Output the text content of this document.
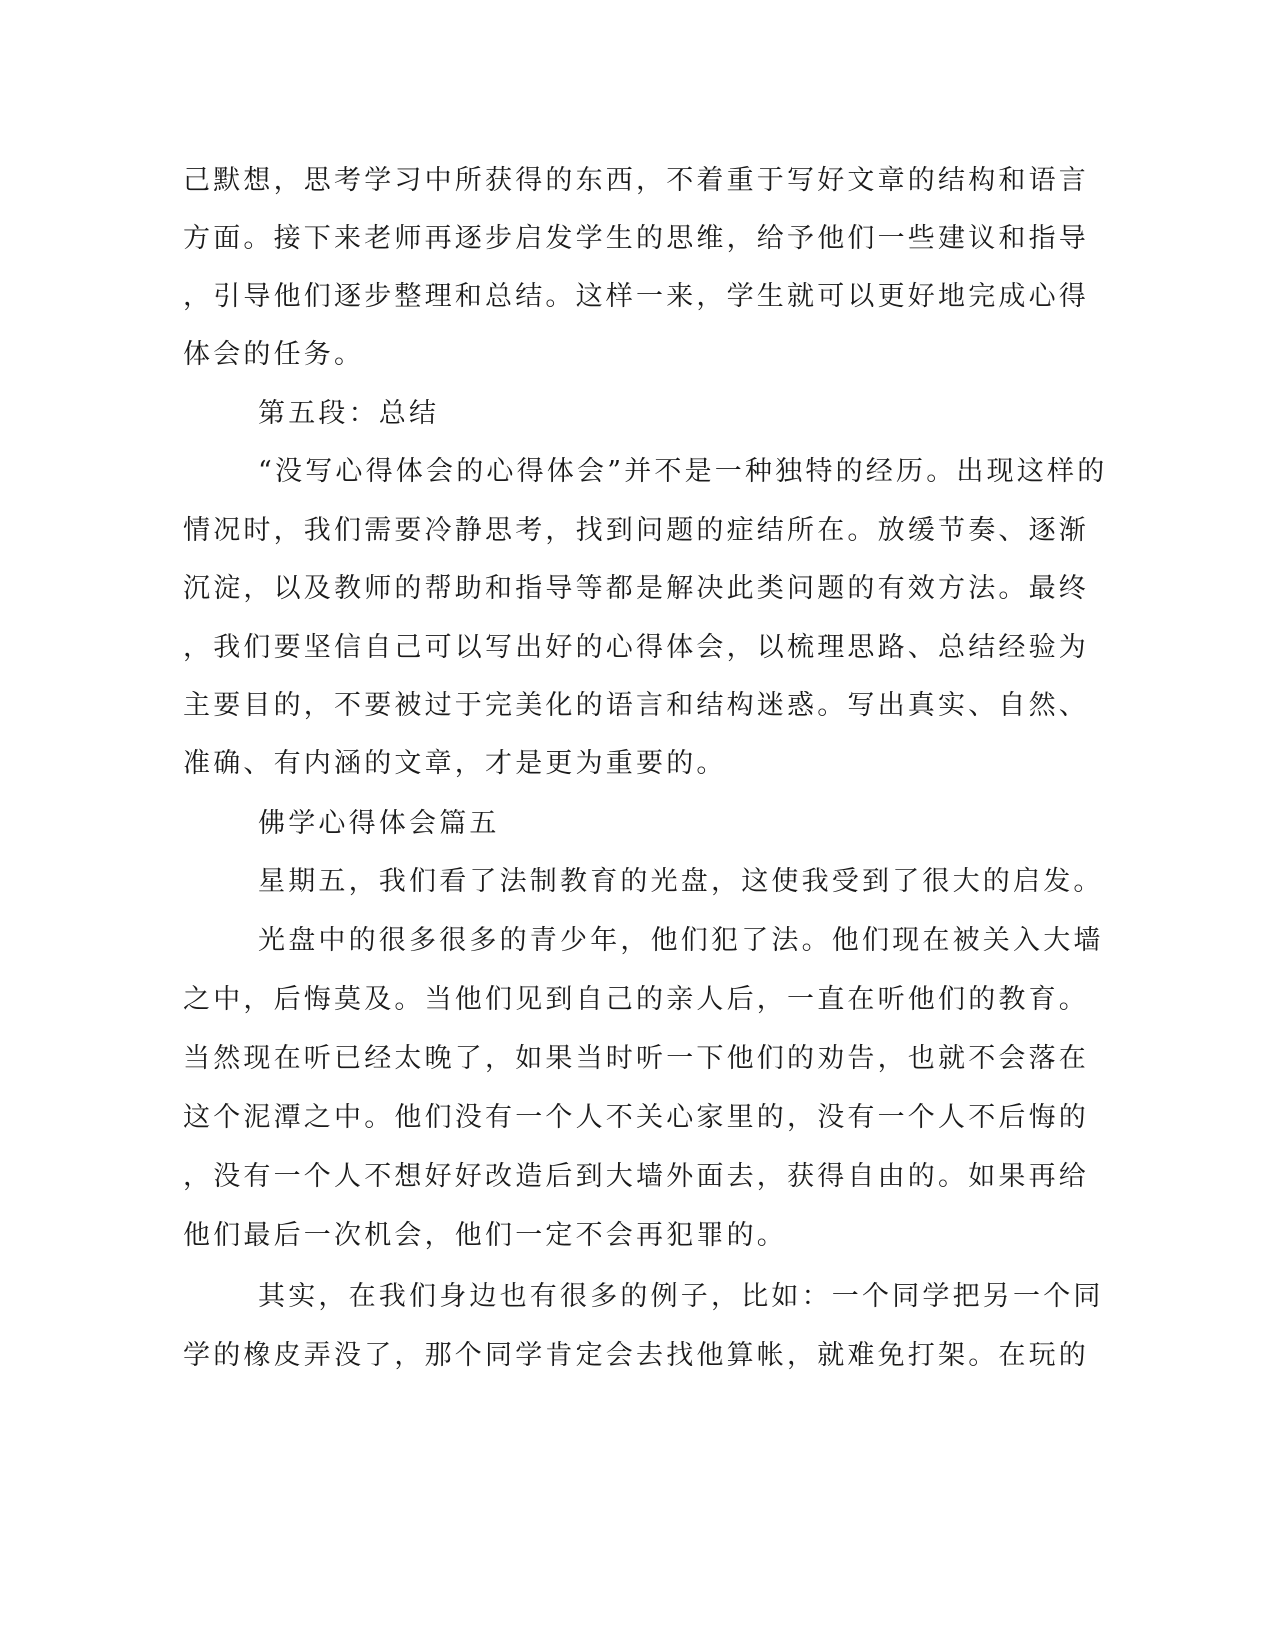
己默想，思考学习中所获得的东西，不着重于写好文章的结构和语言
方面。接下来老师再逐步启发学生的思维，给予他们一些建议和指导
，引导他们逐步整理和总结。这样一来，学生就可以更好地完成心得
体会的任务。
第五段：总结
“没写心得体会的心得体会”并不是一种独特的经历。出现这样的
情况时，我们需要冷静思考，找到问题的症结所在。放缓节奏、逐渐
沉淀，以及教师的帮助和指导等都是解决此类问题的有效方法。最终
，我们要坚信自己可以写出好的心得体会，以梳理思路、总结经验为
主要目的，不要被过于完美化的语言和结构迷惑。写出真实、自然、
准确、有内涵的文章，才是更为重要的。
佛学心得体会篇五
星期五，我们看了法制教育的光盘，这使我受到了很大的启发。
光盘中的很多很多的青少年，他们犯了法。他们现在被关入大墙
之中，后悔莫及。当他们见到自己的亲人后，一直在听他们的教育。
当然现在听已经太晚了，如果当时听一下他们的劝告，也就不会落在
这个泥潭之中。他们没有一个人不关心家里的，没有一个人不后悔的
，没有一个人不想好好改造后到大墙外面去，获得自由的。如果再给
他们最后一次机会，他们一定不会再犯罪的。
其实，在我们身边也有很多的例子，比如：一个同学把另一个同
学的橡皮弄没了，那个同学肯定会去找他算帐，就难免打架。在玩的
